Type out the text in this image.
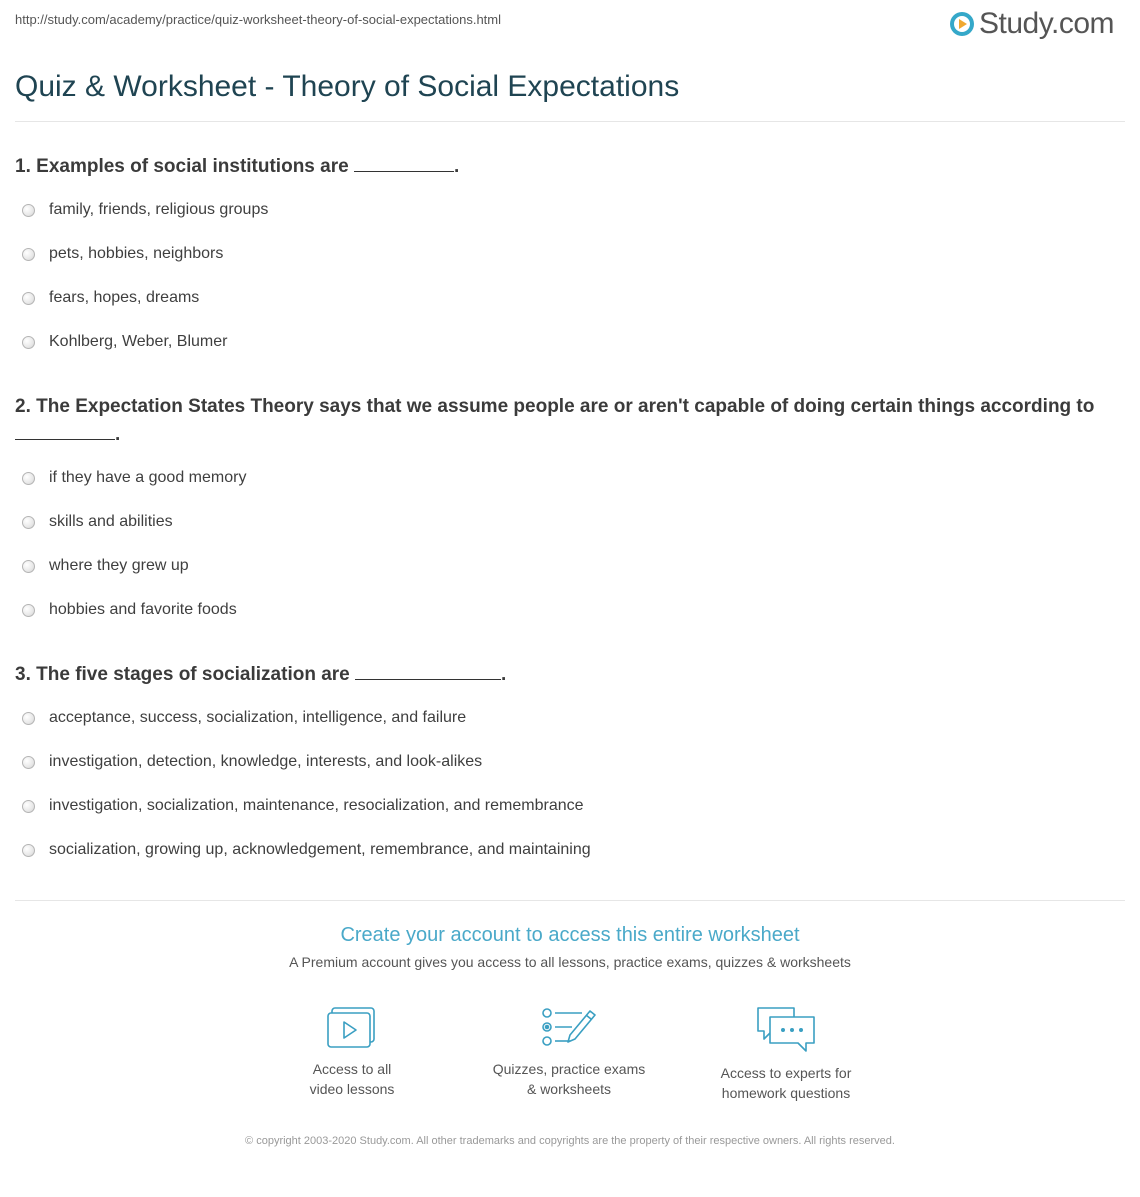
http://study.com/academy/practice/quiz-worksheet-theory-of-social-expectations.html	Study.com
Quiz & Worksheet - Theory of Social Expectations
1. Examples of social institutions are	.
family, friends, religious groups
pets, hobbies, neighbors
fears, hopes, dreams
Kohlberg, Weber, Blumer
2. The Expectation States Theory says that we assume people are or aren't capable of doing certain things according to .
if they have a good memory
skills and abilities
where they grew up
hobbies and favorite foods
3. The five stages of socialization are	.
acceptance, success, socialization, intelligence, and failure
investigation, detection, knowledge, interests, and look-alikes
investigation, socialization, maintenance, resocialization, and remembrance
socialization, growing up, acknowledgement, remembrance, and maintaining
Create your account to access this entire worksheet
A Premium account gives you access to all lessons, practice exams, quizzes & worksheets
Access to all
video lessons
Quizzes, practice exams
& worksheets
Access to experts for
homework questions
© copyright 2003-2020 Study.com. All other trademarks and copyrights are the property of their respective owners. All rights reserved.
